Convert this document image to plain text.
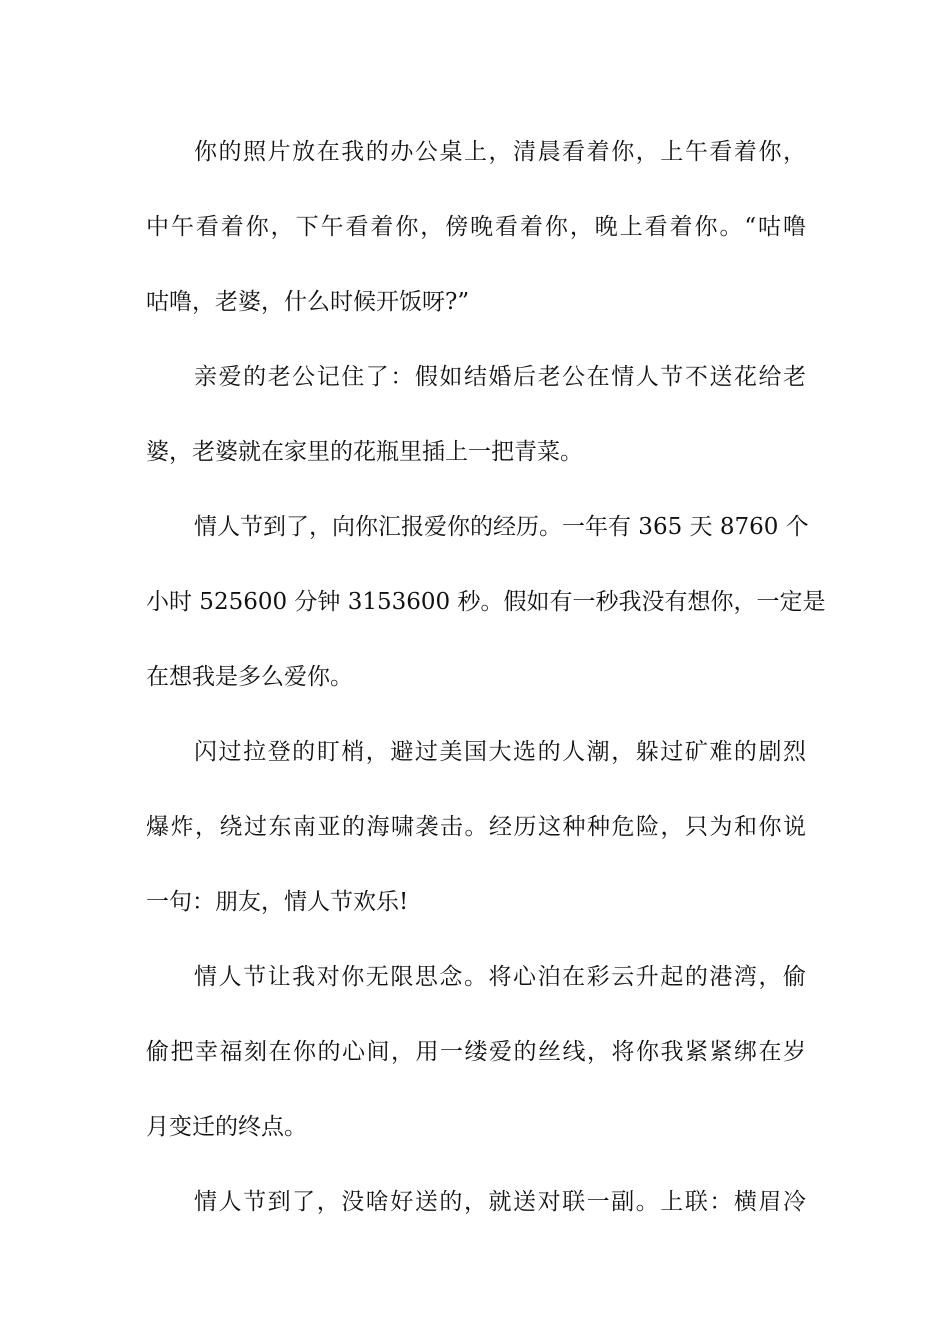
你的照片放在我的办公桌上，清晨看着你，上午看着你，
中午看着你，下午看着你，傍晚看着你，晚上看着你。“咕噜
咕噜，老婆，什么时候开饭呀?”
亲爱的老公记住了：假如结婚后老公在情人节不送花给老
婆，老婆就在家里的花瓶里插上一把青菜。
情人节到了，向你汇报爱你的经历。一年有 365 天 8760 个
小时 525600 分钟 3153600 秒。假如有一秒我没有想你，一定是
在想我是多么爱你。
闪过拉登的盯梢，避过美国大选的人潮，躲过矿难的剧烈
爆炸，绕过东南亚的海啸袭击。经历这种种危险，只为和你说
一句：朋友，情人节欢乐!
情人节让我对你无限思念。将心泊在彩云升起的港湾，偷
偷把幸福刻在你的心间，用一缕爱的丝线，将你我紧紧绑在岁
月变迁的终点。
情人节到了，没啥好送的，就送对联一副。上联：横眉冷
